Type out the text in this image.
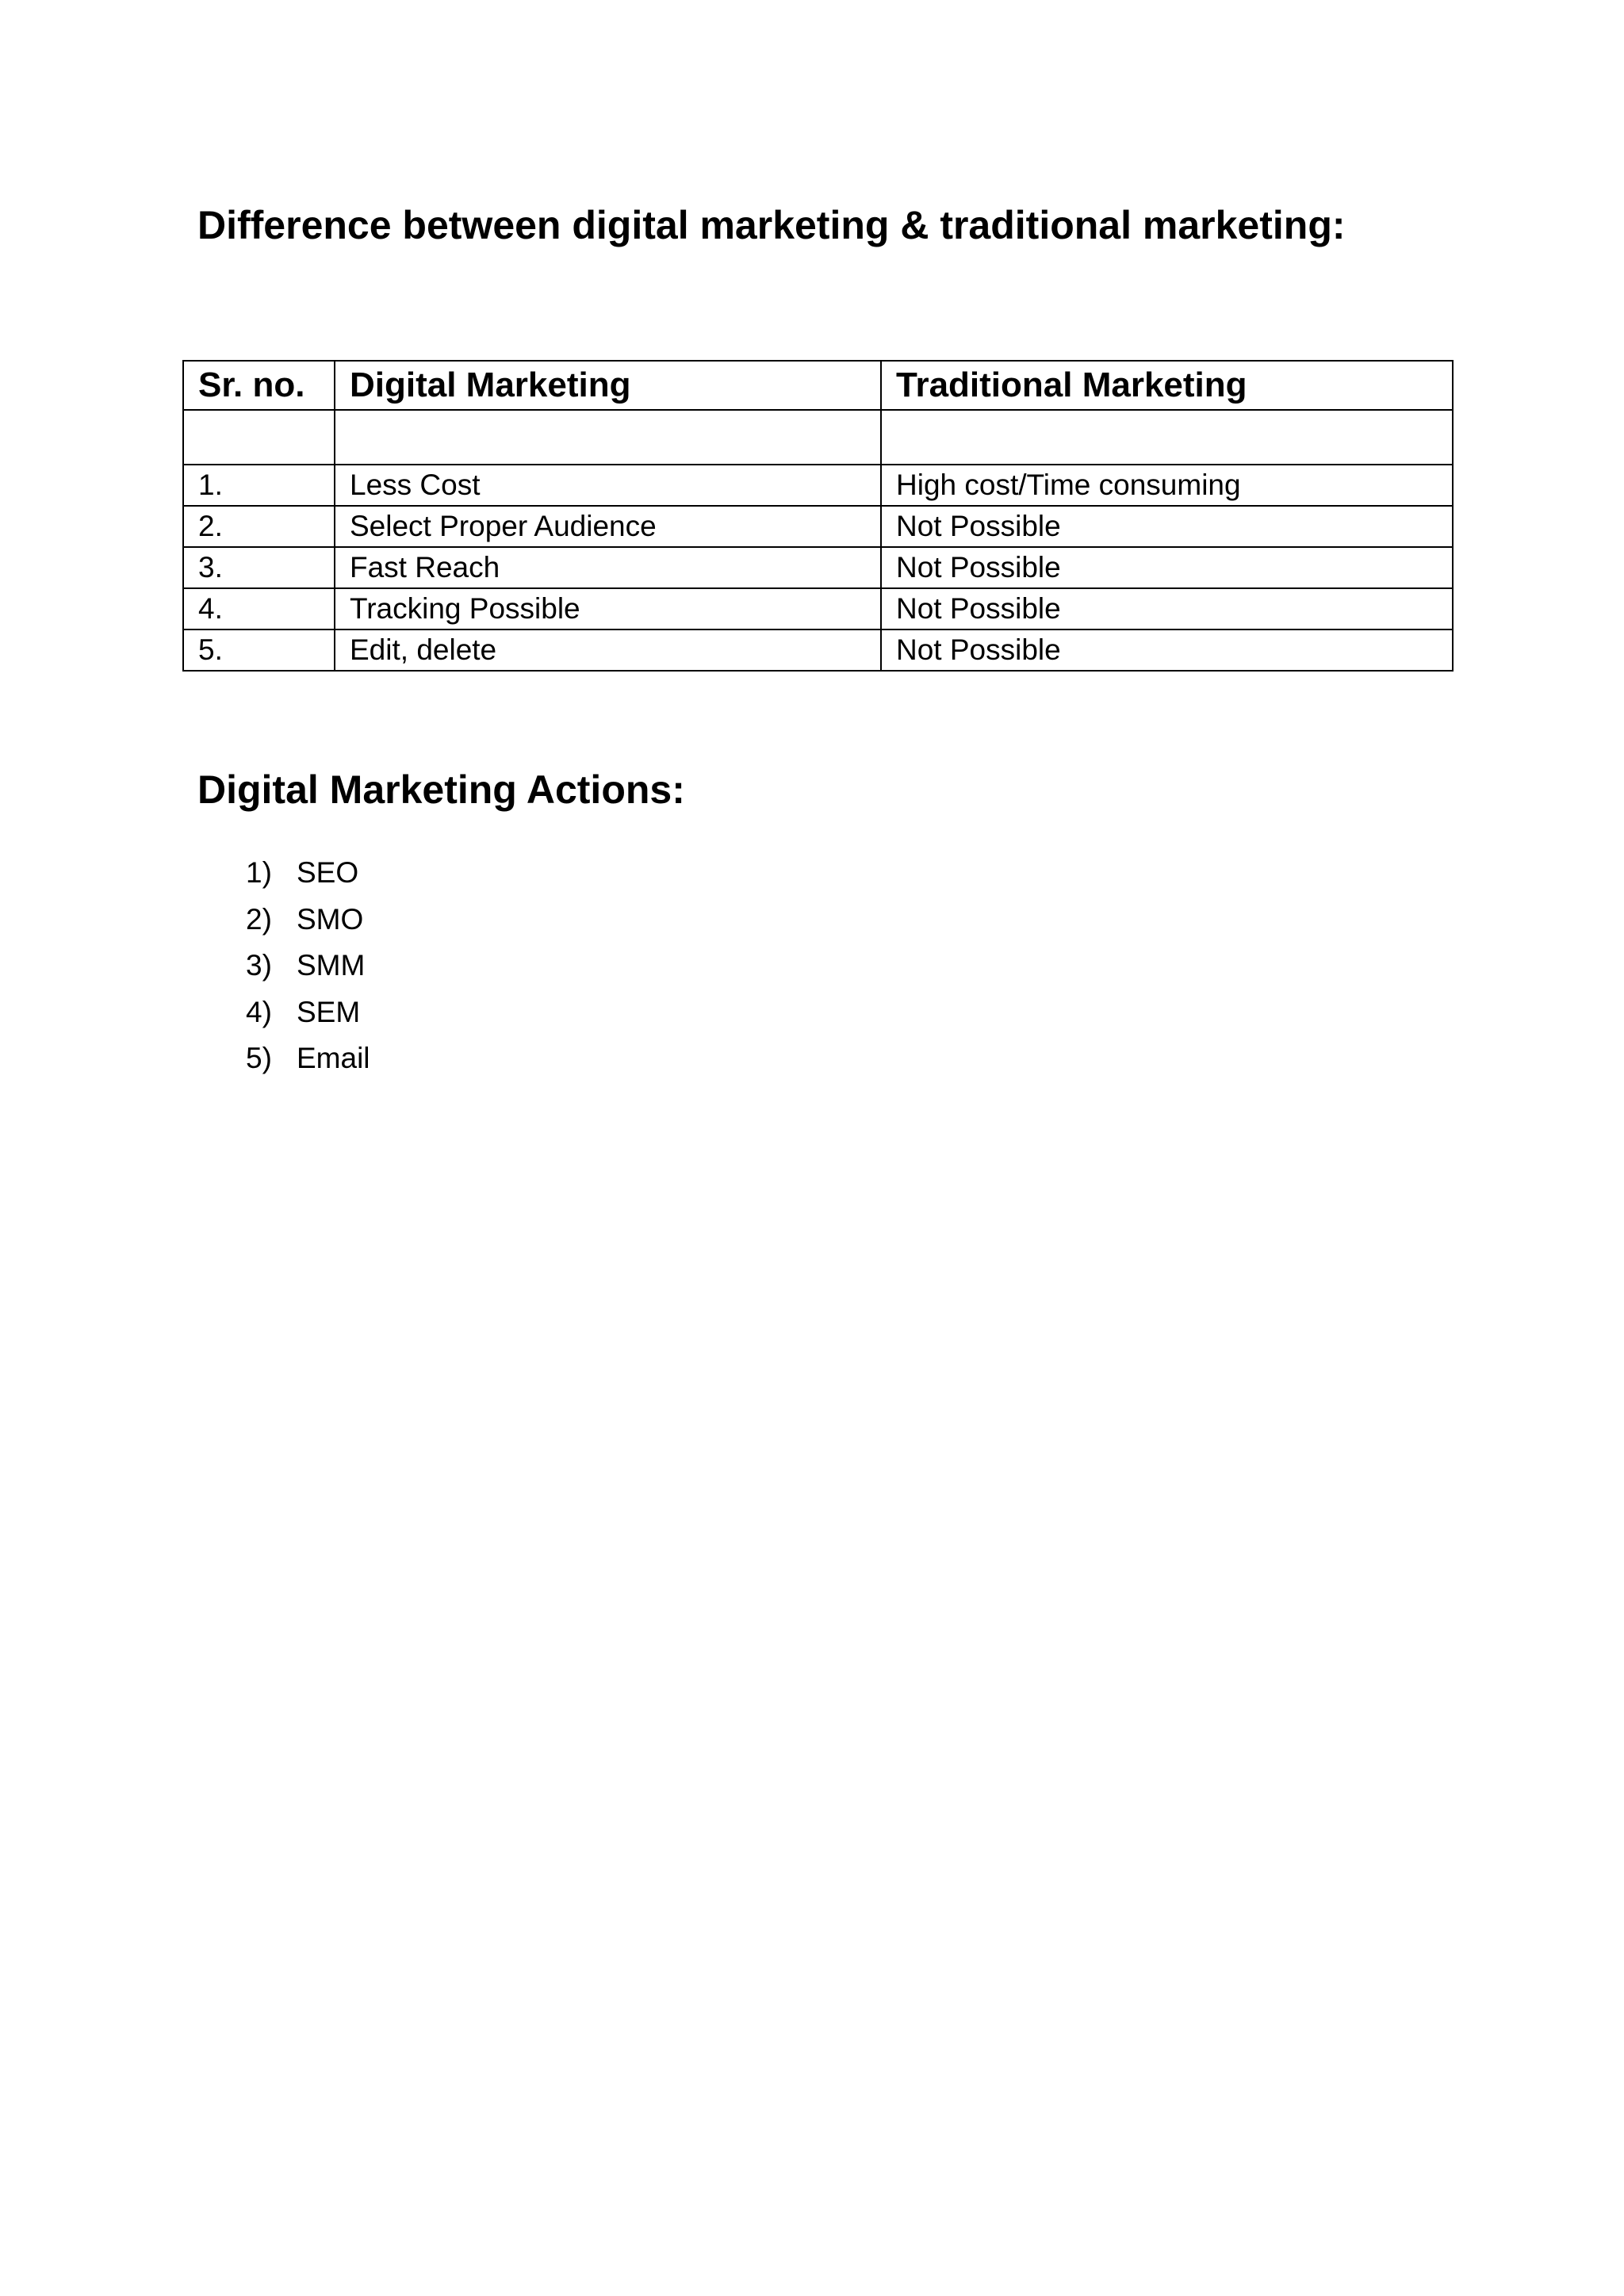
Difference between digital marketing & traditional marketing:
Sr. no.	Digital Marketing	Traditional Marketing

1.	Less Cost	High cost/Time consuming
2.	Select Proper Audience	Not Possible
3.	Fast Reach	Not Possible
4.	Tracking Possible	Not Possible
5.	Edit, delete	Not Possible
Digital Marketing Actions:
1) SEO
2) SMO
3) SMM
4) SEM
5) Email
